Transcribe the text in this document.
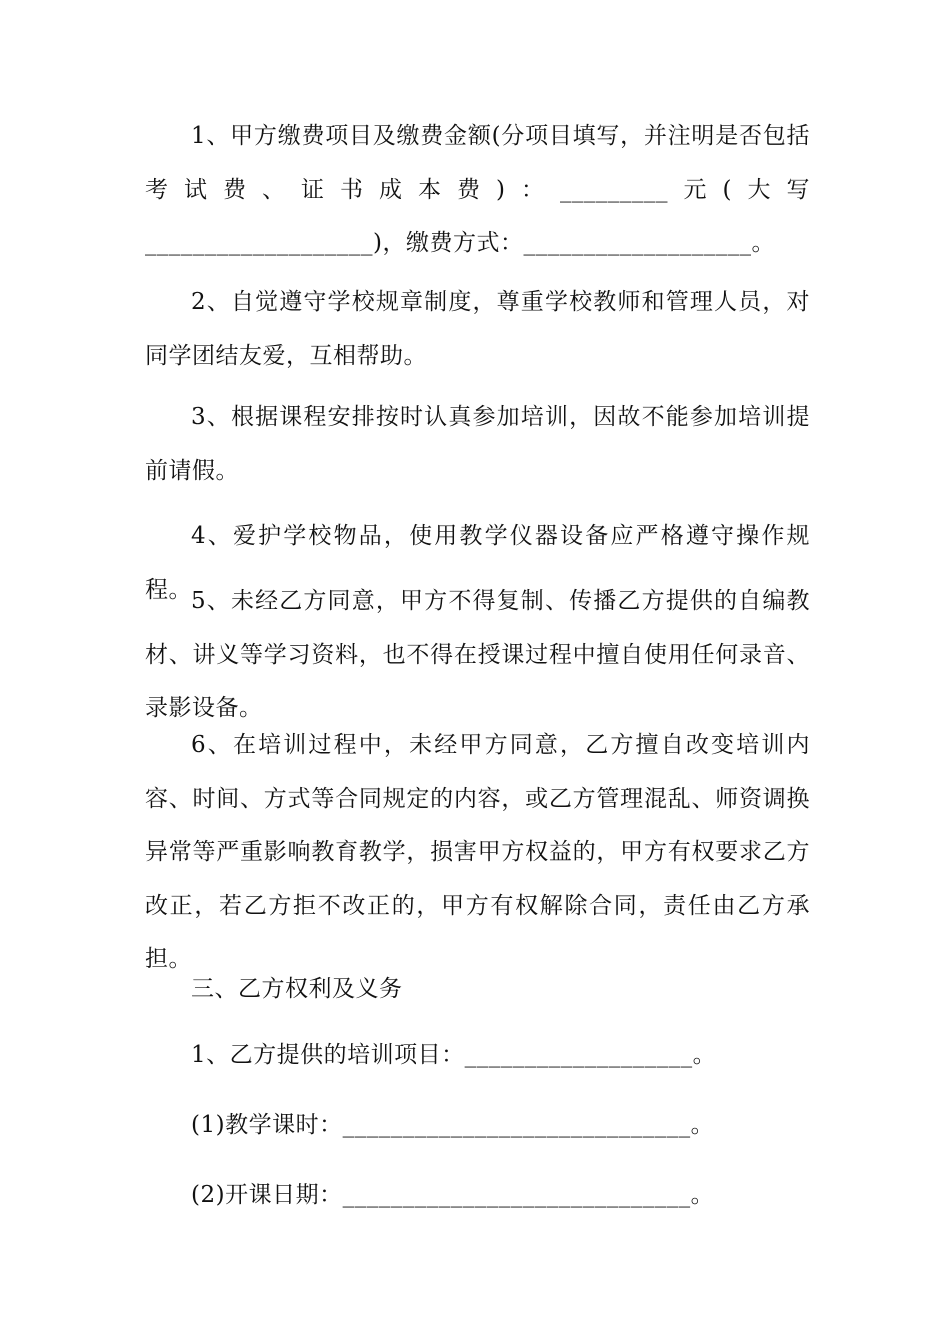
1、甲方缴费项目及缴费金额(分项目填写，并注明是否包括考试费、证书成本费)：_________元(大写___________________)，缴费方式：___________________。

2、自觉遵守学校规章制度，尊重学校教师和管理人员，对同学团结友爱，互相帮助。

3、根据课程安排按时认真参加培训，因故不能参加培训提前请假。

4、爱护学校物品，使用教学仪器设备应严格遵守操作规程。 5、未经乙方同意，甲方不得复制、传播乙方提供的自编教材、讲义等学习资料，也不得在授课过程中擅自使用任何录音、录影设备。

6、在培训过程中，未经甲方同意，乙方擅自改变培训内容、时间、方式等合同规定的内容，或乙方管理混乱、师资调换异常等严重影响教育教学，损害甲方权益的，甲方有权要求乙方改正，若乙方拒不改正的，甲方有权解除合同，责任由乙方承担。

三、乙方权利及义务

1、乙方提供的培训项目：___________________。

(1)教学课时：_____________________________。

(2)开课日期：_____________________________。
